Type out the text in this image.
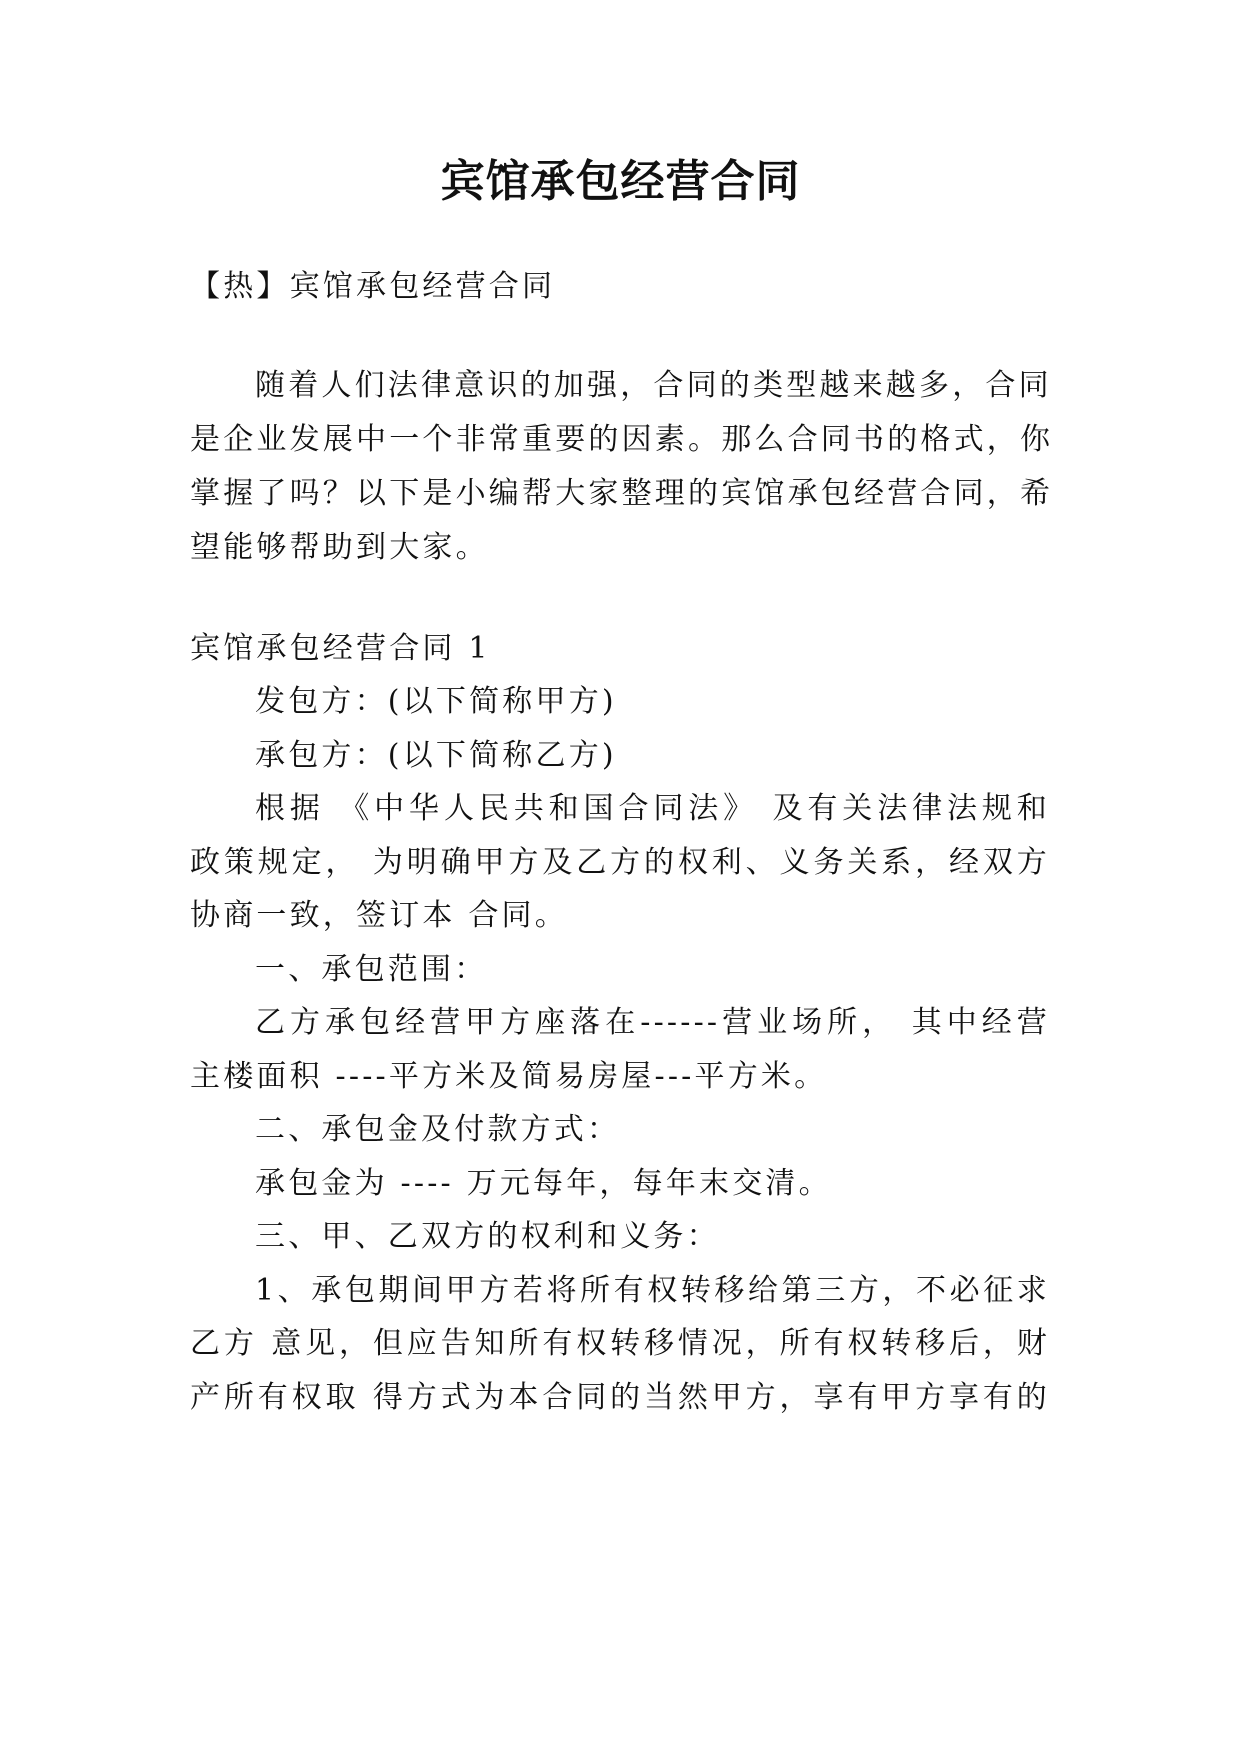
宾馆承包经营合同
【热】宾馆承包经营合同
随着人们法律意识的加强，合同的类型越来越多，合同
是企业发展中一个非常重要的因素。那么合同书的格式，你
掌握了吗？以下是小编帮大家整理的宾馆承包经营合同，希
望能够帮助到大家。
宾馆承包经营合同 1
发包方：(以下简称甲方)
承包方：(以下简称乙方)
根据 《中华人民共和国合同法》 及有关法律法规和
政策规定， 为明确甲方及乙方的权利、义务关系，经双方
协商一致，签订本 合同。
一、承包范围：
乙方承包经营甲方座落在------营业场所， 其中经营
主楼面积 ----平方米及简易房屋---平方米。
二、承包金及付款方式：
承包金为 ---- 万元每年，每年末交清。
三、甲、乙双方的权利和义务：
1、承包期间甲方若将所有权转移给第三方，不必征求
乙方 意见，但应告知所有权转移情况，所有权转移后，财
产所有权取 得方式为本合同的当然甲方，享有甲方享有的
